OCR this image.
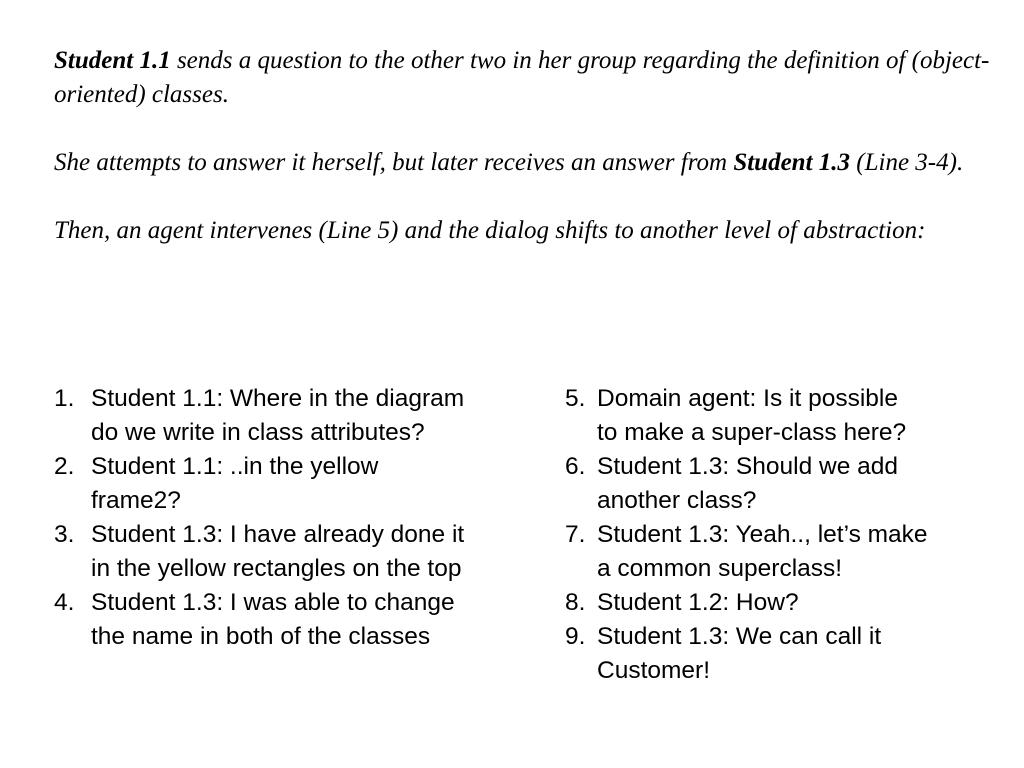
Student 1.1 sends a question to the other two in her group regarding the definition of (object-oriented) classes.

She attempts to answer it herself, but later receives an answer from Student 1.3 (Line 3-4).

Then, an agent intervenes (Line 5) and the dialog shifts to another level of abstraction:

1. Student 1.1: Where in the diagram
do we write in class attributes?
2. Student 1.1: ..in the yellow
frame2?
3. Student 1.3: I have already done it
in the yellow rectangles on the top
4. Student 1.3: I was able to change
the name in both of the classes
5. Domain agent: Is it possible
to make a super-class here?
6. Student 1.3: Should we add
another class?
7. Student 1.3: Yeah.., let’s make
a common superclass!
8. Student 1.2: How?
9. Student 1.3: We can call it
Customer!
